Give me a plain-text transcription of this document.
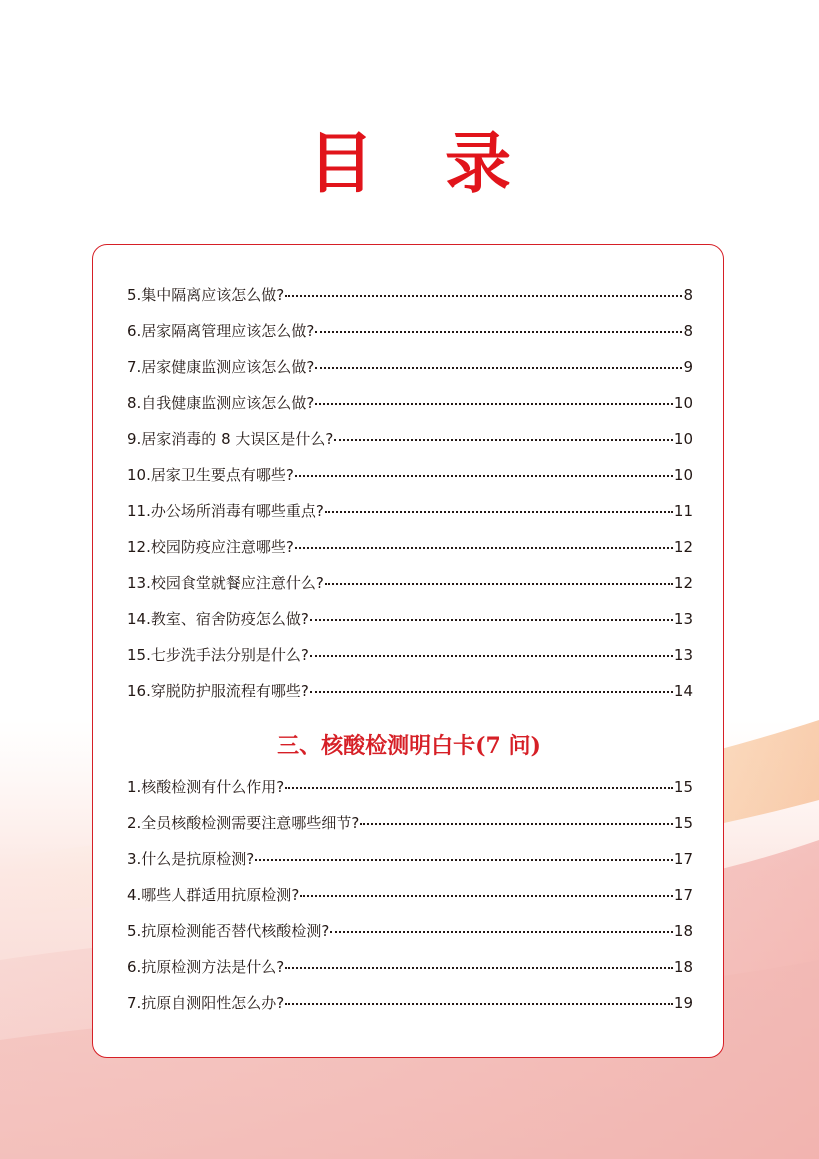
目 录
5.集中隔离应该怎么做?	8
6.居家隔离管理应该怎么做?	8
7.居家健康监测应该怎么做?	9
8.自我健康监测应该怎么做?	10
9.居家消毒的 8 大误区是什么?	10
10.居家卫生要点有哪些?	10
11.办公场所消毒有哪些重点?	11
12.校园防疫应注意哪些?	12
13.校园食堂就餐应注意什么?	12
14.教室、宿舍防疫怎么做?	13
15.七步洗手法分别是什么?	13
16.穿脱防护服流程有哪些?	14
三、核酸检测明白卡(7 问)
1.核酸检测有什么作用?	15
2.全员核酸检测需要注意哪些细节?	15
3.什么是抗原检测?	17
4.哪些人群适用抗原检测?	17
5.抗原检测能否替代核酸检测?	18
6.抗原检测方法是什么?	18
7.抗原自测阳性怎么办?	19
